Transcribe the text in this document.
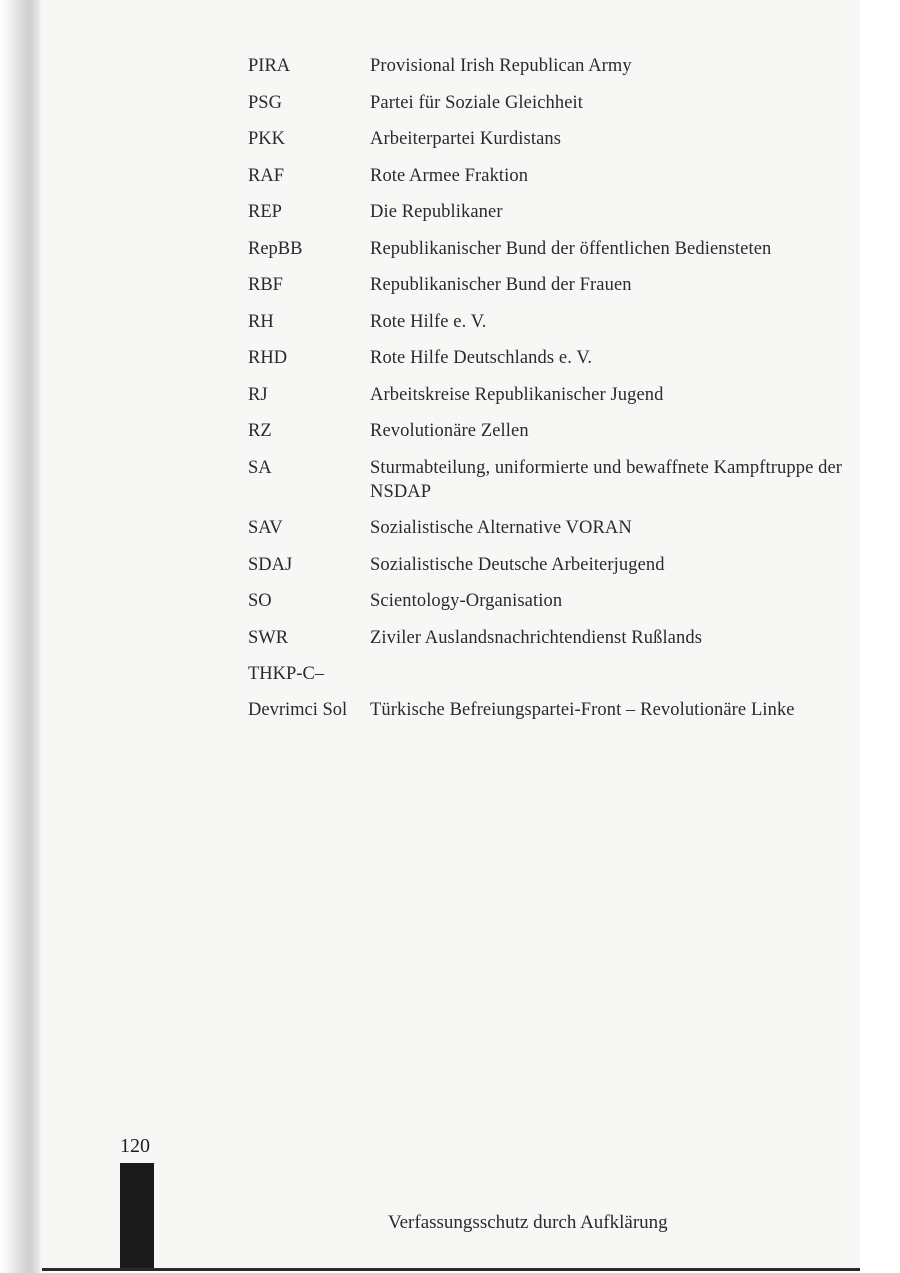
PIRA	Provisional Irish Republican Army
PSG	Partei für Soziale Gleichheit
PKK	Arbeiterpartei Kurdistans
RAF	Rote Armee Fraktion
REP	Die Republikaner
RepBB	Republikanischer Bund der öffentlichen Bediensteten
RBF	Republikanischer Bund der Frauen
RH	Rote Hilfe e. V.
RHD	Rote Hilfe Deutschlands e. V.
RJ	Arbeitskreise Republikanischer Jugend
RZ	Revolutionäre Zellen
SA	Sturmabteilung, uniformierte und bewaffnete Kampftruppe der NSDAP
SAV	Sozialistische Alternative VORAN
SDAJ	Sozialistische Deutsche Arbeiterjugend
SO	Scientology-Organisation
SWR	Ziviler Auslandsnachrichtendienst Rußlands
THKP-C–
Devrimci Sol	Türkische Befreiungspartei-Front – Revolutionäre Linke
120
Verfassungsschutz durch Aufklärung
